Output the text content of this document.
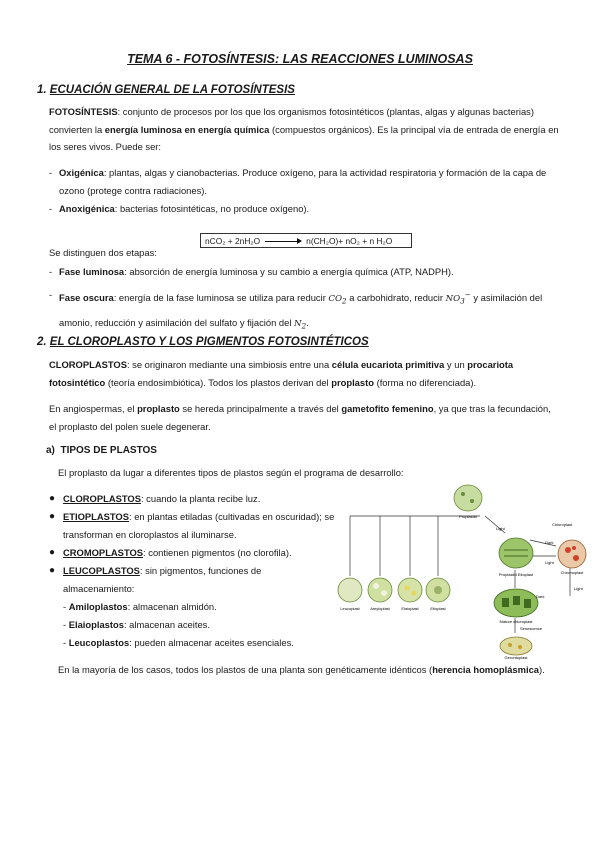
TEMA 6 - FOTOSÍNTESIS: LAS REACCIONES LUMINOSAS
1. ECUACIÓN GENERAL DE LA FOTOSÍNTESIS
FOTOSÍNTESIS: conjunto de procesos por los que los organismos fotosintéticos (plantas, algas y algunas bacterias) convierten la energía luminosa en energía química (compuestos orgánicos). Es la principal vía de entrada de energía en los seres vivos. Puede ser:
- Oxigénica: plantas, algas y cianobacterias. Produce oxígeno, para la actividad respiratoria y formación de la capa de ozono (protege contra radiaciones).
- Anoxigénica: bacterias fotosintéticas, no produce oxígeno).
nCO₂ + 2nH₂O	n(CH₂O)+ nO₂ + n H₂O
Se distinguen dos etapas:
- Fase luminosa: absorción de energía luminosa y su cambio a energía química (ATP, NADPH).
- Fase oscura: energía de la fase luminosa se utiliza para reducir $CO_2$ a carbohidrato, reducir $NO_3^-$ y asimilación del amonio, reducción y asimilación del sulfato y fijación del $N_2$.
2. EL CLOROPLASTO Y LOS PIGMENTOS FOTOSINTÉTICOS
CLOROPLASTOS: se originaron mediante una simbiosis entre una célula eucariota primitiva y un procariota fotosintético (teoría endosimbiótica). Todos los plastos derivan del proplasto (forma no diferenciada).
En angiospermas, el proplasto se hereda principalmente a través del gametofito femenino, ya que tras la fecundación, el proplasto del polen suele degenerar.
a) TIPOS DE PLASTOS
El proplasto da lugar a diferentes tipos de plastos según el programa de desarrollo:
● CLOROPLASTOS: cuando la planta recibe luz.
● ETIOPLASTOS: en plantas etiladas (cultivadas en oscuridad); se transforman en cloroplastos al iluminarse.
● CROMOPLASTOS: contienen pigmentos (no clorofila).
● LEUCOPLASTOS: sin pigmentos, funciones de almacenamiento:
- Amiloplastos: almacenan almidón.
- Elaioplastos: almacenan aceites.
- Leucoplastos: pueden almacenar aceites esenciales.
En la mayoría de los casos, todos los plastos de una planta son genéticamente idénticos (herencia homoplásmica).
Proplastid
Leucoplast	Amyloplast	Elaioplast	Etioplast
Proplastid Etioplast
Light
Dark
Light
Chromoplast
Light
Mature chloroplast
Senescence
Gerontoplast
Chloroplast
Dark
